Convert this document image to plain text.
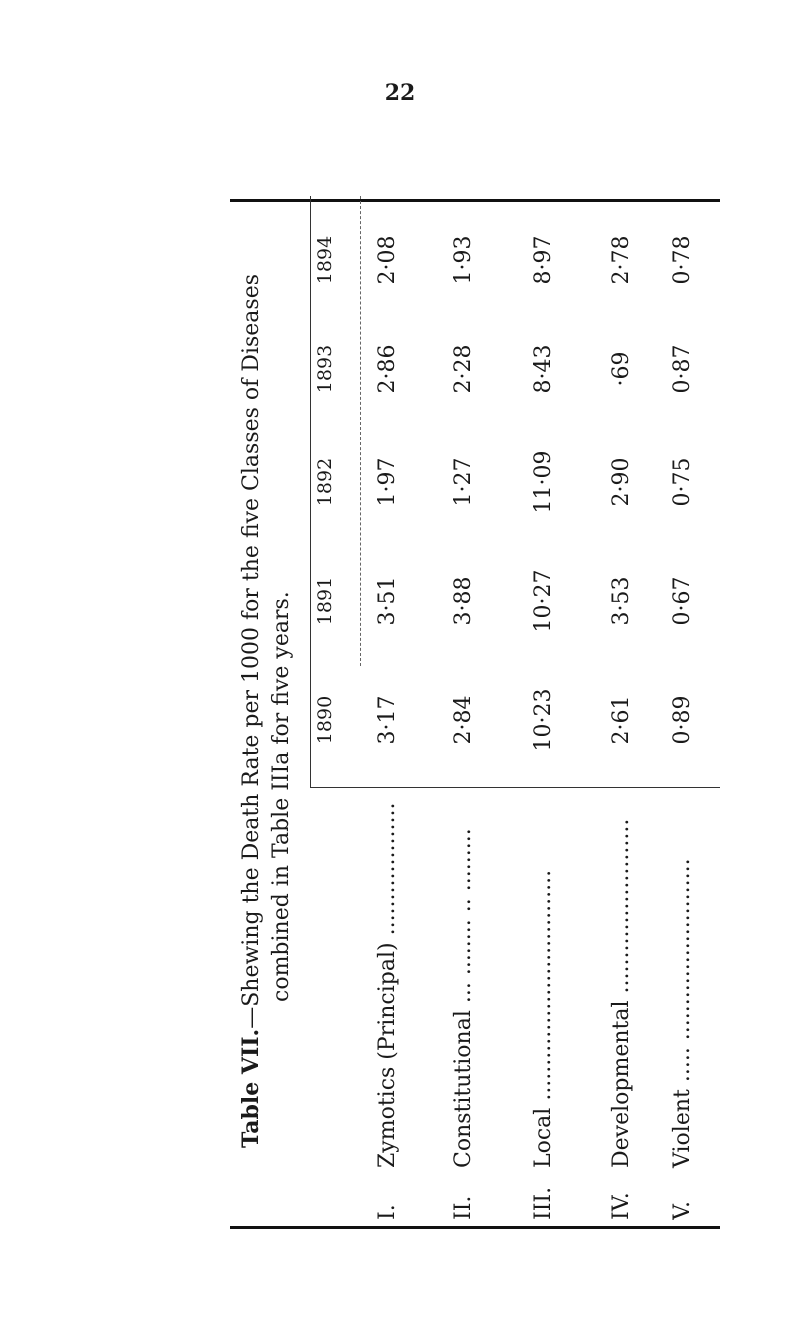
22
Table VII.—Shewing the Death Rate per 1000 for the five Classes of Diseases combined in Table IIIa for five years. 1890
1891
1892
1893
1894
I.Zymotics (Principal) ...................
3·17
3·51
1·97
2·86
2·08
II.Constitutional ... ........ .. .........
2·84
3·88
1·27
2·28
1·93
III.Local .................................
10·23
10·27
11·09
8·43
8·97
IV.Developmental .........................
2·61
3·53
2·90
·69
2·78
V.Violent ..... ..........................
0·89
0·67
0·75
0·87
0·78
